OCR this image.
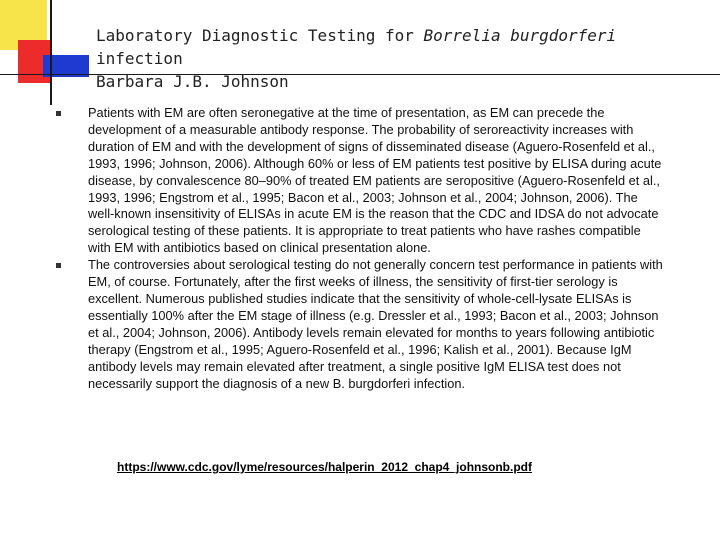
Laboratory Diagnostic Testing for Borrelia burgdorferi infection
Barbara J.B. Johnson
Patients with EM are often seronegative at the time of presentation, as EM can precede the development of a measurable antibody response. The probability of seroreactivity increases with duration of EM and with the development of signs of disseminated disease (Aguero-Rosenfeld et al., 1993, 1996; Johnson, 2006). Although 60% or less of EM patients test positive by ELISA during acute disease, by convalescence 80–90% of treated EM patients are seropositive (Aguero-Rosenfeld et al., 1993, 1996; Engstrom et al., 1995; Bacon et al., 2003; Johnson et al., 2004; Johnson, 2006). The well-known insensitivity of ELISAs in acute EM is the reason that the CDC and IDSA do not advocate serological testing of these patients. It is appropriate to treat patients who have rashes compatible with EM with antibiotics based on clinical presentation alone.
The controversies about serological testing do not generally concern test performance in patients with EM, of course. Fortunately, after the first weeks of illness, the sensitivity of first-tier serology is excellent. Numerous published studies indicate that the sensitivity of whole-cell-lysate ELISAs is essentially 100% after the EM stage of illness (e.g. Dressler et al., 1993; Bacon et al., 2003; Johnson et al., 2004; Johnson, 2006). Antibody levels remain elevated for months to years following antibiotic therapy (Engstrom et al., 1995; Aguero-Rosenfeld et al., 1996; Kalish et al., 2001). Because IgM antibody levels may remain elevated after treatment, a single positive IgM ELISA test does not necessarily support the diagnosis of a new B. burgdorferi infection.
https://www.cdc.gov/lyme/resources/halperin_2012_chap4_johnsonb.pdf
